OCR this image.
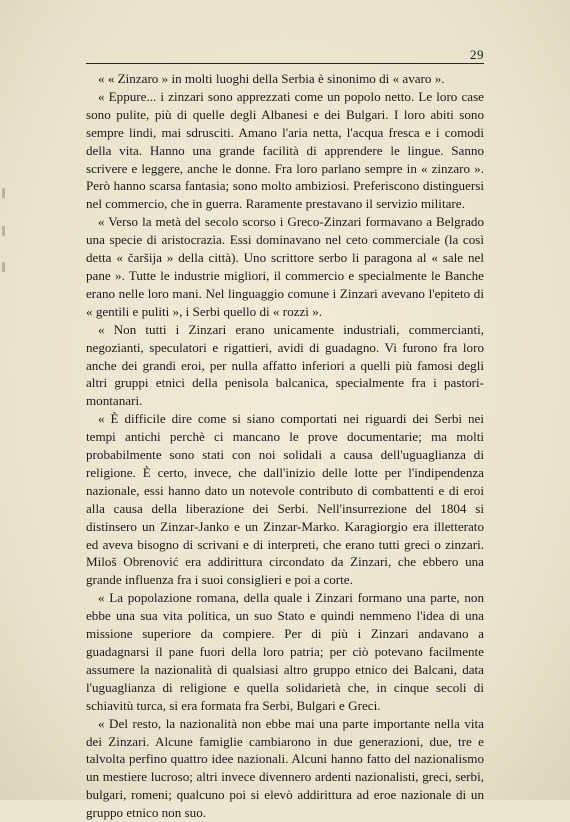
29

« « Zinzaro » in molti luoghi della Serbia è sinonimo di « avaro ».

« Eppure... i zinzari sono apprezzati come un popolo netto. Le loro case sono pulite, più di quelle degli Albanesi e dei Bulgari. I loro abiti sono sempre lindi, mai sdrusciti. Amano l'aria netta, l'acqua fresca e i comodi della vita. Hanno una grande facilità di apprendere le lingue. Sanno scrivere e leggere, anche le donne. Fra loro parlano sempre in « zinzaro ». Però hanno scarsa fantasia; sono molto ambiziosi. Preferiscono distinguersi nel commercio, che in guerra. Raramente prestavano il servizio militare.

« Verso la metà del secolo scorso i Greco-Zinzari formavano a Belgrado una specie di aristocrazia. Essi dominavano nel ceto commerciale (la così detta « čaršija » della città). Uno scrittore serbo li paragona al « sale nel pane ». Tutte le industrie migliori, il commercio e specialmente le Banche erano nelle loro mani. Nel linguaggio comune i Zinzari avevano l'epiteto di « gentili e puliti », i Serbi quello di « rozzi ».

« Non tutti i Zinzari erano unicamente industriali, commercianti, negozianti, speculatori e rigattieri, avidi di guadagno. Vi furono fra loro anche dei grandi eroi, per nulla affatto inferiori a quelli più famosi degli altri gruppi etnici della penisola balcanica, specialmente fra i pastori-montanari.

« È difficile dire come si siano comportati nei riguardi dei Serbi nei tempi antichi perchè ci mancano le prove documentarie; ma molti probabilmente sono stati con noi solidali a causa dell'uguaglianza di religione. È certo, invece, che dall'inizio delle lotte per l'indipendenza nazionale, essi hanno dato un notevole contributo di combattenti e di eroi alla causa della liberazione dei Serbi. Nell'insurrezione del 1804 si distinsero un Zinzar-Janko e un Zinzar-Marko. Karagiorgio era illetterato ed aveva bisogno di scrivani e di interpreti, che erano tutti greci o zinzari. Miloš Obrenović era addirittura circondato da Zinzari, che ebbero una grande influenza fra i suoi consiglieri e poi a corte.

« La popolazione romana, della quale i Zinzari formano una parte, non ebbe una sua vita politica, un suo Stato e quindi nemmeno l'idea di una missione superiore da compiere. Per di più i Zinzari andavano a guadagnarsi il pane fuori della loro patria; per ciò potevano facilmente assumere la nazionalità di qualsiasi altro gruppo etnico dei Balcani, data l'uguaglianza di religione e quella solidarietà che, in cinque secoli di schiavitù turca, si era formata fra Serbi, Bulgari e Greci.

« Del resto, la nazionalità non ebbe mai una parte importante nella vita dei Zinzari. Alcune famiglie cambiarono in due generazioni, due, tre e talvolta perfino quattro idee nazionali. Alcuni hanno fatto del nazionalismo un mestiere lucroso; altri invece divennero ardenti nazionalisti, greci, serbi, bulgari, romeni; qualcuno poi si elevò addirittura ad eroe nazionale di un gruppo etnico non suo.
